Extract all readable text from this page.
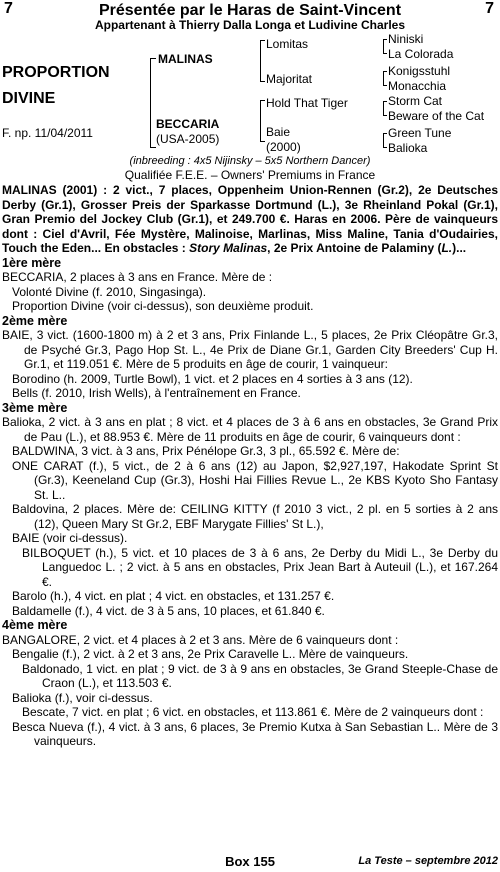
7	7
Présentée par le Haras de Saint-Vincent
Appartenant à Thierry Dalla Longa et Ludivine Charles
PROPORTION
DIVINE
F. np. 11/04/2011
MALINAS
BECCARIA
(USA-2005)
Lomitas
Majoritat
Hold That Tiger
Baie
(2000)
Niniski
La Colorada
Konigsstuhl
Monacchia
Storm Cat
Beware of the Cat
Green Tune
Balioka
(inbreeding : 4x5 Nijinsky – 5x5 Northern Dancer)
Qualifiée F.E.E. – Owners' Premiums in France

MALINAS (2001) : 2 vict., 7 places, Oppenheim Union-Rennen (Gr.2), 2e Deutsches Derby (Gr.1), Grosser Preis der Sparkasse Dortmund (L.), 3e Rheinland Pokal (Gr.1), Gran Premio del Jockey Club (Gr.1), et 249.700 €. Haras en 2006. Père de vainqueurs dont : Ciel d'Avril, Fée Mystère, Malinoise, Marlinas, Miss Maline, Tania d'Oudairies, Touch the Eden... En obstacles : Story Malinas, 2e Prix Antoine de Palaminy (L.)...

1ère mère

BECCARIA, 2 places à 3 ans en France. Mère de :

Volonté Divine (f. 2010, Singasinga).

Proportion Divine (voir ci-dessus), son deuxième produit.

2ème mère

BAIE, 3 vict. (1600-1800 m) à 2 et 3 ans, Prix Finlande L., 5 places, 2e Prix Cléopâtre Gr.3, de Psyché Gr.3, Pago Hop St. L., 4e Prix de Diane Gr.1, Garden City Breeders' Cup H. Gr.1, et 119.051 €. Mère de 5 produits en âge de courir, 1 vainqueur:

Borodino (h. 2009, Turtle Bowl), 1 vict. et 2 places en 4 sorties à 3 ans (12).

Bells (f. 2010, Irish Wells), à l'entraînement en France.

3ème mère

Balioka, 2 vict. à 3 ans en plat ; 8 vict. et 4 places de 3 à 6 ans en obstacles, 3e Grand Prix de Pau (L.), et 88.953 €. Mère de 11 produits en âge de courir, 6 vainqueurs dont :

BALDWINA, 3 vict. à 3 ans, Prix Pénélope Gr.3, 3 pl., 65.592 €. Mère de:

ONE CARAT (f.), 5 vict., de 2 à 6 ans (12) au Japon, $2,927,197, Hakodate Sprint St (Gr.3), Keeneland Cup (Gr.3), Hoshi Hai Fillies Revue L., 2e KBS Kyoto Sho Fantasy St. L..

Baldovina, 2 places. Mère de: CEILING KITTY (f 2010 3 vict., 2 pl. en 5 sorties à 2 ans (12), Queen Mary St Gr.2, EBF Marygate Fillies' St L.),

BAIE (voir ci-dessus).

BILBOQUET (h.), 5 vict. et 10 places de 3 à 6 ans, 2e Derby du Midi L., 3e Derby du Languedoc L. ; 2 vict. à 5 ans en obstacles, Prix Jean Bart à Auteuil (L.), et 167.264 €.

Barolo (h.), 4 vict. en plat ; 4 vict. en obstacles, et 131.257 €.

Baldamelle (f.), 4 vict. de 3 à 5 ans, 10 places, et 61.840 €.

4ème mère

BANGALORE, 2 vict. et 4 places à 2 et 3 ans. Mère de 6 vainqueurs dont :

Bengalie (f.), 2 vict. à 2 et 3 ans, 2e Prix Caravelle L.. Mère de vainqueurs.

Baldonado, 1 vict. en plat ; 9 vict. de 3 à 9 ans en obstacles, 3e Grand Steeple-Chase de Craon (L.), et 113.503 €.

Balioka (f.), voir ci-dessus.

Bescate, 7 vict. en plat ; 6 vict. en obstacles, et 113.861 €. Mère de 2 vainqueurs dont :

Besca Nueva (f.), 4 vict. à 3 ans, 6 places, 3e Premio Kutxa à San Sebastian L.. Mère de 3 vainqueurs.

Box 155	La Teste – septembre 2012
